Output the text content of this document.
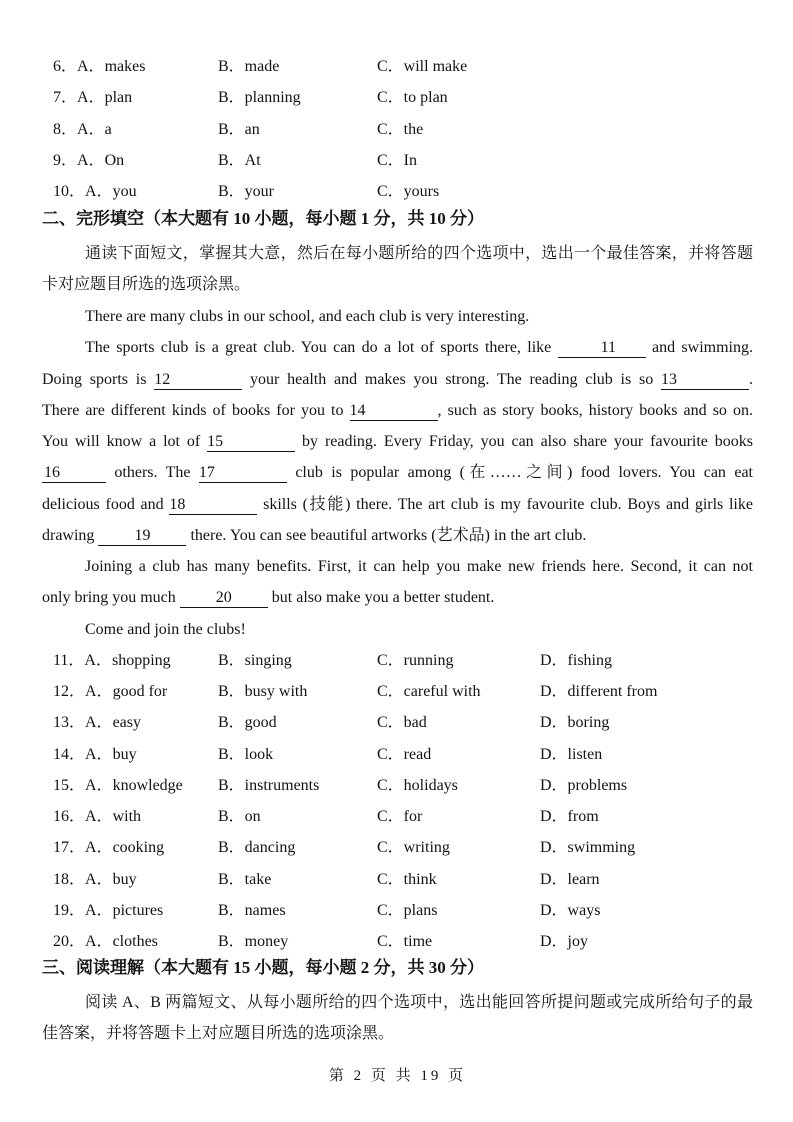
6．A．makes	B．made	C．will make
7．A．plan	B．planning	C．to plan
8．A．a	B．an	C．the
9．A．On	B．At	C．In
10．A．you	B．your	C．yours
二、完形填空（本大题有 10 小题，每小题 1 分，共 10 分）
通读下面短文，掌握其大意，然后在每小题所给的四个选项中，选出一个最佳答案，并将答题
卡对应题目所选的选项涂黑。
There are many clubs in our school, and each club is very interesting.
The sports club is a great club. You can do a lot of sports there, like	11 and swimming.
Doing sports is 12	your health and makes you strong. The reading club is so 13	.
There are different kinds of books for you to 14	, such as story books, history books and so on.
You will know a lot of 15	by reading. Every Friday, you can also share your favourite books
16	others. The 17	club is popular among (在……之间) food lovers. You can eat
delicious food and 18	skills (技能) there. The art club is my favourite club. Boys and girls like
drawing 19 there. You can see beautiful artworks (艺术品) in the art club.
Joining a club has many benefits. First, it can help you make new friends here. Second, it can not
only bring you much 20 but also make you a better student.
Come and join the clubs!
11．A．shopping	B．singing	C．running	D．fishing
12．A．good for	B．busy with	C．careful with	D．different from
13．A．easy	B．good	C．bad	D．boring
14．A．buy	B．look	C．read	D．listen
15．A．knowledge	B．instruments	C．holidays	D．problems
16．A．with	B．on	C．for	D．from
17．A．cooking	B．dancing	C．writing	D．swimming
18．A．buy	B．take	C．think	D．learn
19．A．pictures	B．names	C．plans	D．ways
20．A．clothes	B．money	C．time	D．joy
三、阅读理解（本大题有 15 小题，每小题 2 分，共 30 分）
阅读 A、B 两篇短文、从每小题所给的四个选项中，选出能回答所提问题或完成所给句子的最
佳答案，并将答题卡上对应题目所选的选项涂黑。
第 2 页 共 19 页
